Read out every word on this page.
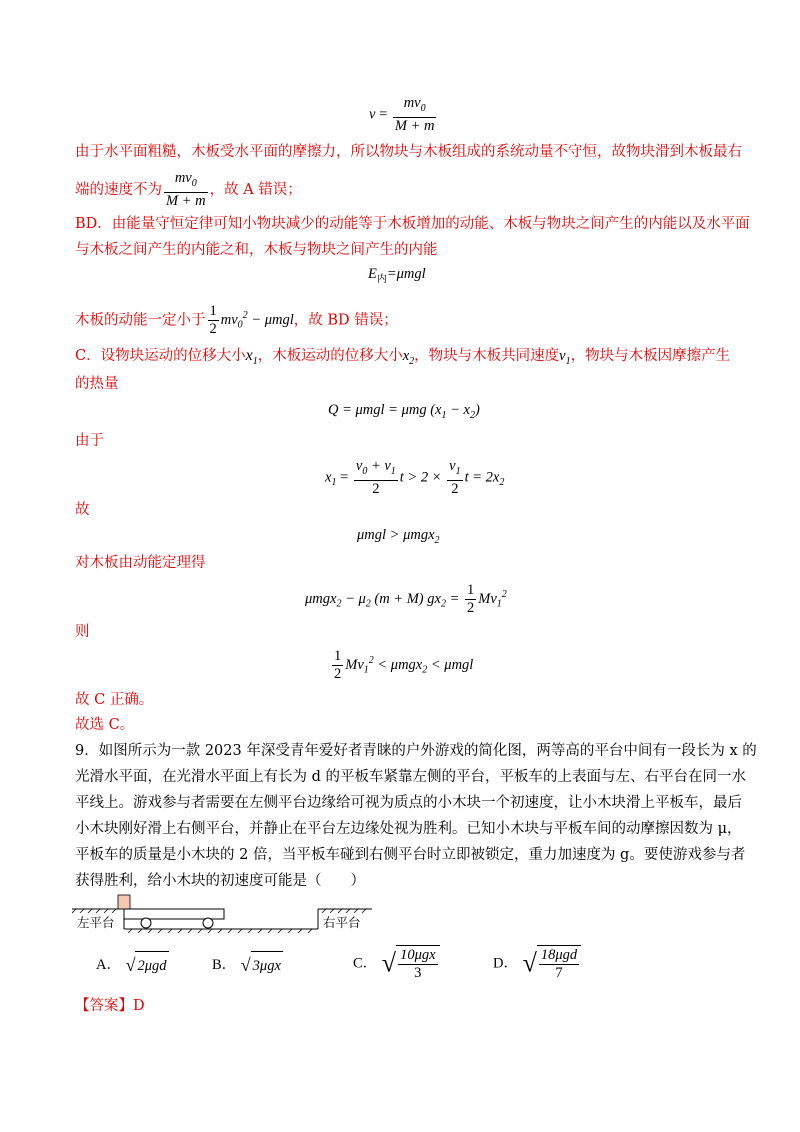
$v = \frac{mv_0}{M + m}$
由于水平面粗糙，木板受水平面的摩擦力，所以物块与木板组成的系统动量不守恒，故物块滑到木板最右
端的速度不为 $\frac{mv_0}{M + m}$ ，故 A 错误；
BD．由能量守恒定律可知小物块减少的动能等于木板增加的动能、木板与物块之间产生的内能以及水平面
与木板之间产生的内能之和，木板与物块之间产生的内能
$E_内=\mu mgl$
木板的动能一定小于 $\frac{1}{2} mv_0^2 - \mu mgl$，故 BD 错误；
C．设物块运动的位移大小$x_1$，木板运动的位移大小$x_2$，物块与木板共同速度$v_1$，物块与木板因摩擦产生
的热量
Q = μmgl = μmg $(x_1 - x_2)$
由于
$x_1 = \frac{v_0 + v_1}{2}$ $t > 2 \times \frac{v_1}{2}$ $t = 2x_2$
故
μmgl > μmgx$_2$
对木板由动能定理得
$\mu mgx_2 - \mu_2$ (m + M) $gx_2 = \frac{1}{2} Mv_1^2$
则
$\frac{1}{2} Mv_1^2 < \mu mgx_2 < \mu mgl$
故 C 正确。
故选 C。
9．如图所示为一款 2023 年深受青年爱好者青睐的户外游戏的简化图，两等高的平台中间有一段长为 x 的
光滑水平面，在光滑水平面上有长为 d 的平板车紧靠左侧的平台，平板车的上表面与左、右平台在同一水
平线上。游戏参与者需要在左侧平台边缘给可视为质点的小木块一个初速度，让小木块滑上平板车，最后
小木块刚好滑上右侧平台，并静止在平台左边缘处视为胜利。已知小木块与平板车间的动摩擦因数为 μ，
平板车的质量是小木块的 2 倍，当平板车碰到右侧平台时立即被锁定，重力加速度为 g。要使游戏参与者
获得胜利，给小木块的初速度可能是（　　）
左平台	右平台
A． √ 2μgd	B． √ 3μgx	C． √ $\frac{\text{10μgx}}{3}$	D． √ $\frac{\text{18μgd}}{7}$
【答案】D
